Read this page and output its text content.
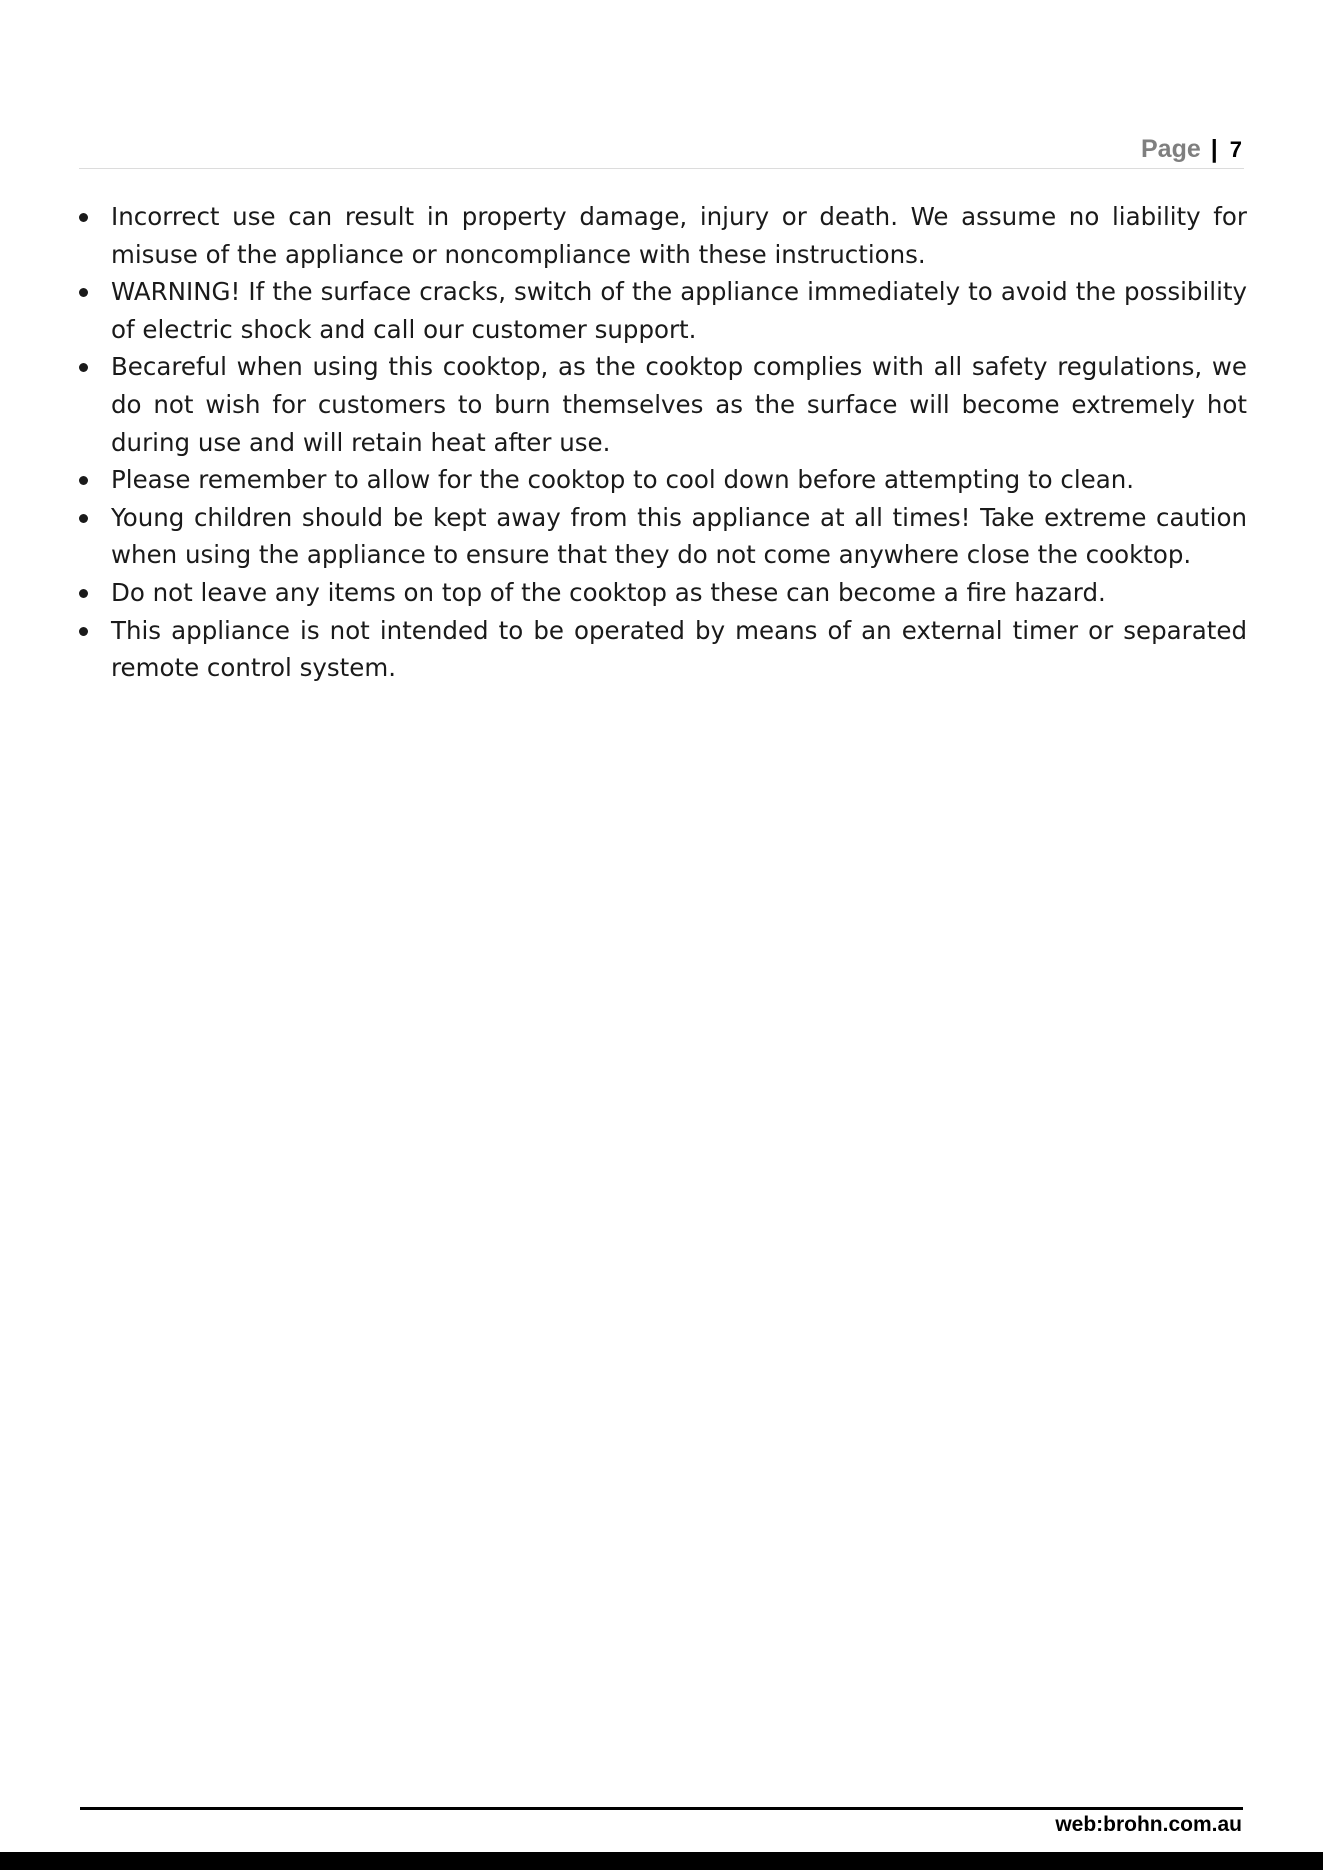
Page | 7
Incorrect use can result in property damage, injury or death. We assume no liability for misuse of the appliance or noncompliance with these instructions.
WARNING! If the surface cracks, switch of the appliance immediately to avoid the possibility of electric shock and call our customer support.
Becareful when using this cooktop, as the cooktop complies with all safety regulations, we do not wish for customers to burn themselves as the surface will become extremely hot during use and will retain heat after use.
Please remember to allow for the cooktop to cool down before attempting to clean.
Young children should be kept away from this appliance at all times! Take extreme caution when using the appliance to ensure that they do not come anywhere close the cooktop.
Do not leave any items on top of the cooktop as these can become a fire hazard.
This appliance is not intended to be operated by means of an external timer or separated remote control system.
web:brohn.com.au
